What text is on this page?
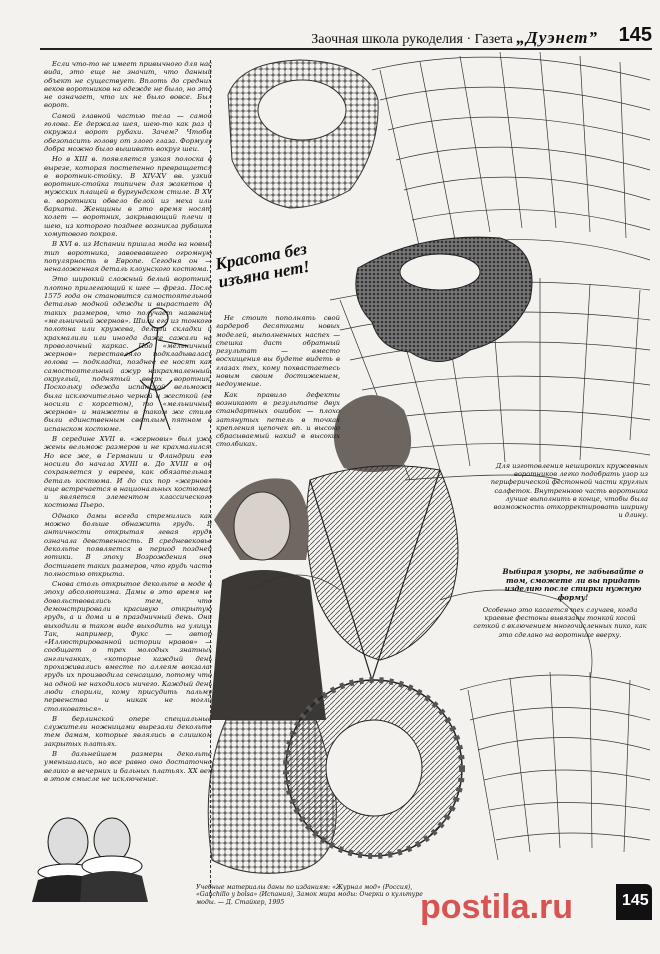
Заочная школа рукоделия · Газета „Дуэнет” 145

Если что-то не имеет привычного для нас вида, это еще не значит, что данный объект не существует. Вплоть до средних веков воротников на одежде не было, но это не означает, что их не было вовсе. Был ворот.

Самой главной частью тела — самой голова. Ее держала шея, шею-то как раз и окружал ворот рубахи. Зачем? Чтобы обезопасить голову от злого глаза. Формулу добра можно было вышивать вокруг шеи.

Но в XIII в. появляется узкая полоска в вырезе, которая постепенно превращается в воротник-стойку. В XIV-XV вв. узкий воротник-стойка типичен для жакетов и мужских плащей в бургундском стиле. В XV в. воротники обвело белой из меха или бархата. Женщины в это время носят колет — воротник, закрывающий плечи и шею, из которого позднее возникла рубашка хомутового покроя.

В XVI в. из Испании пришла мода на новый тип воротника, завоевавшего огромную популярность в Европе. Сегодня он — неналоженная деталь клоунского костюма.

Это широкий сложный белый воротник, плотно прилегающий к шее — фреза. После 1575 года он становится самостоятельной деталью модной одежды и вырастает до таких размеров, что получает название «мельничный жернов». Шили его из тонкого полотна или кружева, делали складки и крахмалили или иногда даже сажали на проволочный каркас. Под «мельничный жернов» переставляло подкладывалась голова — подкладка, позднее ее носят как самостоятельный ажур накрахмаленный, округлый, поднятый вверх воротник. Поскольку одежда испанской вельможи была исключительно черной и жесткой (ее носили с корсетом), то «мельничный жернов» и манжеты в таком же стиле были единственным светлым пятном в испанском костюме.

В середине XVII в. «жерновы» был уже жены вельмож размеров и не крахмалился. Но все же, в Германии и Фландрии его носили до начала XVIII в. До XVIII в он сохраняется у евреев, как обязательная деталь костюма. И до сих пор «жернов» еще встречается в национальных костюмах и является элементом классического костюма Пьеро.

Однако дамы всегда стремились как можно больше обнажить грудь. В античности открытая левая грудь означала девственность. В средневековье декольте появляется в период поздней готики. В эпоху Возрождения оно достигает таких размеров, что грудь часто полностью открыта.

Снова столь открытое декольте в моде в эпоху абсолютизма. Дамы в это время не довольствовались тем, что демонстрировали красивую открытую грудь, а и дома и в праздничный день. Они выходили в таком виде выходить на улицу. Так, например, Фукс — автор «Иллюстрированной истории нравов» — сообщает о трех молодых знатных англичанках, «которые каждый день прохаживались вместе по аллеям вокзала: грудь их производила сенсацию, потому что на одной не находилось ничего. Каждый день люди спорили, кому присудить пальму первенства и никак не могли столковаться».

В берлинской опере специальные служители ножницами вырезали декольте тем дамам, которые являлись в слишком закрытых платьях.

В дальнейшем размеры декольте уменьшались, но все равно оно достаточно велико в вечерних и бальных платьях. XX век в этом смысле не исключение.

Красота без изъяна нет!

Не стоит пополнять свой гардероб десятками новых моделей, выполненных наспех — спешка даст обратный результат — вместо восхищения вы будете видеть в глазах тех, кому похвастаетесь новым своим достижением, недоумение.

Как правило дефекты возникают в результате двух стандартных ошибок — плохо затянутых петель в точках крепления цепочек вп. и высоко сбрасываемый накид в высоких столбиках.

Для изготовления нешироких кружевных воротников легко подобрать узор из периферической фестонной части круглых салфеток. Внутреннюю часть воротника лучше выполнить в конце, чтобы была возможность откорректировать ширину и длину.

Выбирая узоры, не забывайте о том, сможете ли вы придать изделию после стирки нужную форму!
Особенно это касается тех случаев, когда краевые фестоны вывязаны тонкой косой сеткой с включением многочисленных пико, как это сделано на воротнике вверху.
Учебные материалы даны по изданиям: «Журнал мод» (Россия), «Ganchillo y bolsa» (Испания), Замок мира моды: Очерки о культуре моды. — Д. Стайкер, 1995	postila.ru	145
